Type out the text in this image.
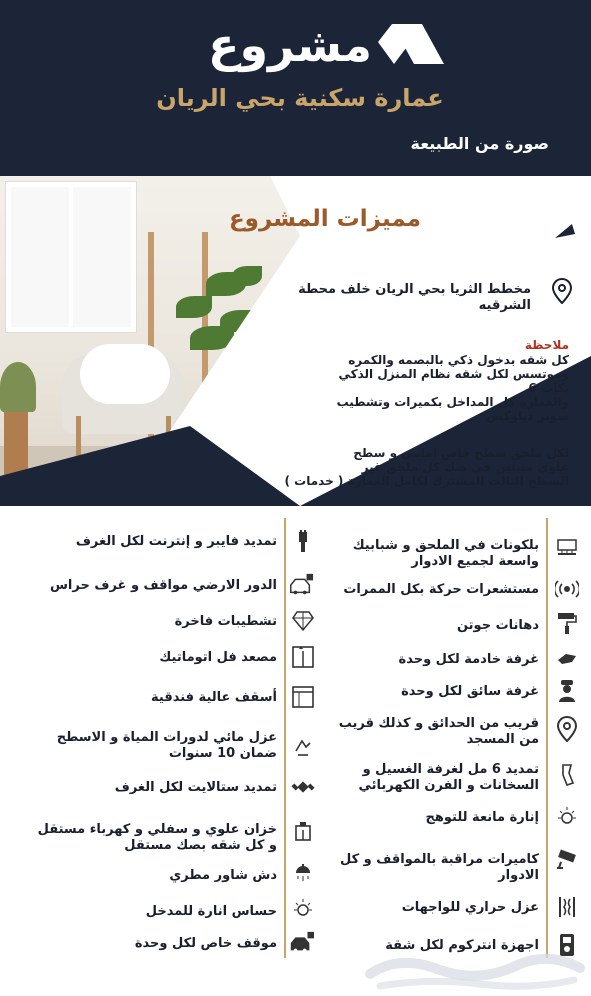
مشروع
عمارة سكنية بحي الريان
صورة من الطبيعة
مميزات المشروع
مخطط الثريا بحي الريان خلف محطة الشرقيه
ملاحظة
كل شقه بدخول ذكي بالبصمه والكمره
وموتسس لكل شقه نظام المنزل الذكي
بكات 6
والعماره كل المداخل بكميرات وتشطيب
سوبر ديلوكس
لكل ملحق سطح خاص امامي و سطح
علوي مثبتين في صك كل ملحق غير
السطح الثالث المشترك لكامل العمارة ( خدمات )
بلكونات في الملحق و شبابيك واسعة لجميع الادوار
مستشعرات حركة بكل الممرات
دهانات جوتن
غرفة خادمة لكل وحدة
غرفة سائق لكل وحدة
قريب من الحدائق و كذلك قريب من المسجد
تمديد 6 مل لغرفة الغسيل و السخانات و الفرن الكهربائي
إنارة مانعة للتوهج
كاميرات مراقبة بالمواقف و كل الادوار
عزل حراري للواجهات
اجهزة انتركوم لكل شقة
تمديد فايبر و إنترنت لكل الغرف
الدور الارضي مواقف و غرف حراس
تشطيبات فاخرة
مصعد فل اتوماتيك
أسقف عالية فندقية
عزل مائي لدورات المياة و الاسطح ضمان 10 سنوات
تمديد ستالايت لكل الغرف
خزان علوي و سفلي و كهرباء مستقل و كل شقه بصك مستقل
دش شاور مطري
حساس انارة للمدخل
موقف خاص لكل وحدة
